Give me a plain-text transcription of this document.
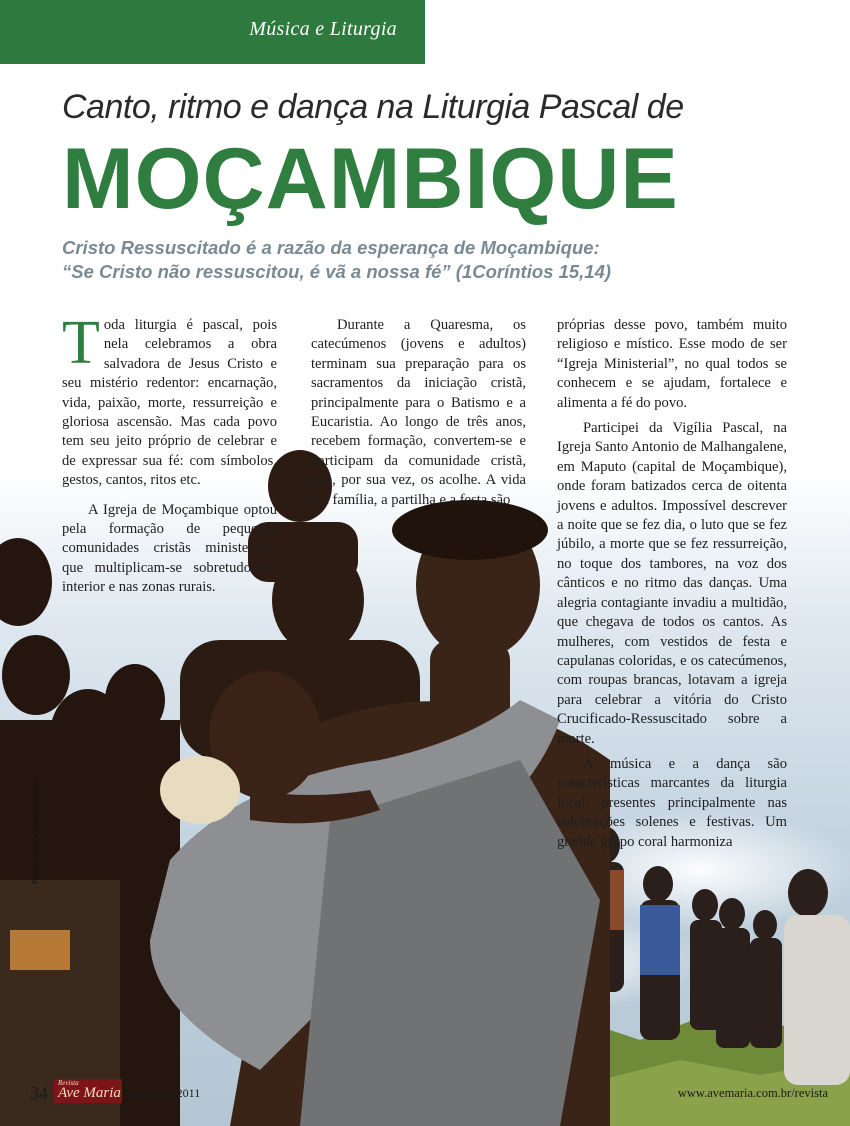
Música e Liturgia
Canto, ritmo e dança na Liturgia Pascal de
MOÇAMBIQUE
Cristo Ressuscitado é a razão da esperança de Moçambique:
“Se Cristo não ressuscitou, é vã a nossa fé” (1Coríntios 15,14)

Toda liturgia é pascal, pois nela celebramos a obra salvadora de Jesus Cristo e seu mistério redentor: encarnação, vida, paixão, morte, ressurreição e gloriosa ascensão. Mas cada povo tem seu jeito próprio de celebrar e de expressar sua fé: com símbolos, gestos, cantos, ritos etc.

A Igreja de Moçambique optou pela formação de pequenas comunidades cristãs ministeriais, que multiplicam-se sobretudo no interior e nas zonas rurais.

Durante a Quaresma, os catecúmenos (jovens e adultos) terminam sua preparação para os sacramentos da iniciação cristã, principalmente para o Batismo e a Eucaristia. Ao longo de três anos, recebem formação, convertem-se e participam da comunidade cristã, que, por sua vez, os acolhe. A vida em família, a partilha e a festa são

próprias desse povo, também muito religioso e místico. Esse modo de ser “Igreja Ministerial”, no qual todos se conhecem e se ajudam, fortalece e alimenta a fé do povo.

Participei da Vigília Pascal, na Igreja Santo Antonio de Malhangalene, em Maputo (capital de Moçambique), onde foram batizados cerca de oitenta jovens e adultos. Impossível descrever a noite que se fez dia, o luto que se fez júbilo, a morte que se fez ressurreição, no toque dos tambores, na voz dos cânticos e no ritmo das danças. Uma alegria contagiante invadiu a multidão, que chegava de todos os cantos. As mulheres, com vestidos de festa e capulanas coloridas, e os catecúmenos, com roupas brancas, lotavam a igreja para celebrar a vitória do Cristo Crucificado-Ressuscitado sobre a morte.

A música e a dança são características marcantes da liturgia local, presentes principalmente nas celebrações solenes e festivas. Um grande grupo coral harmoniza

Fotos: Artista desconhecido
34 Revista
Ave Maria agosto de 2011	www.avemaria.com.br/revista
